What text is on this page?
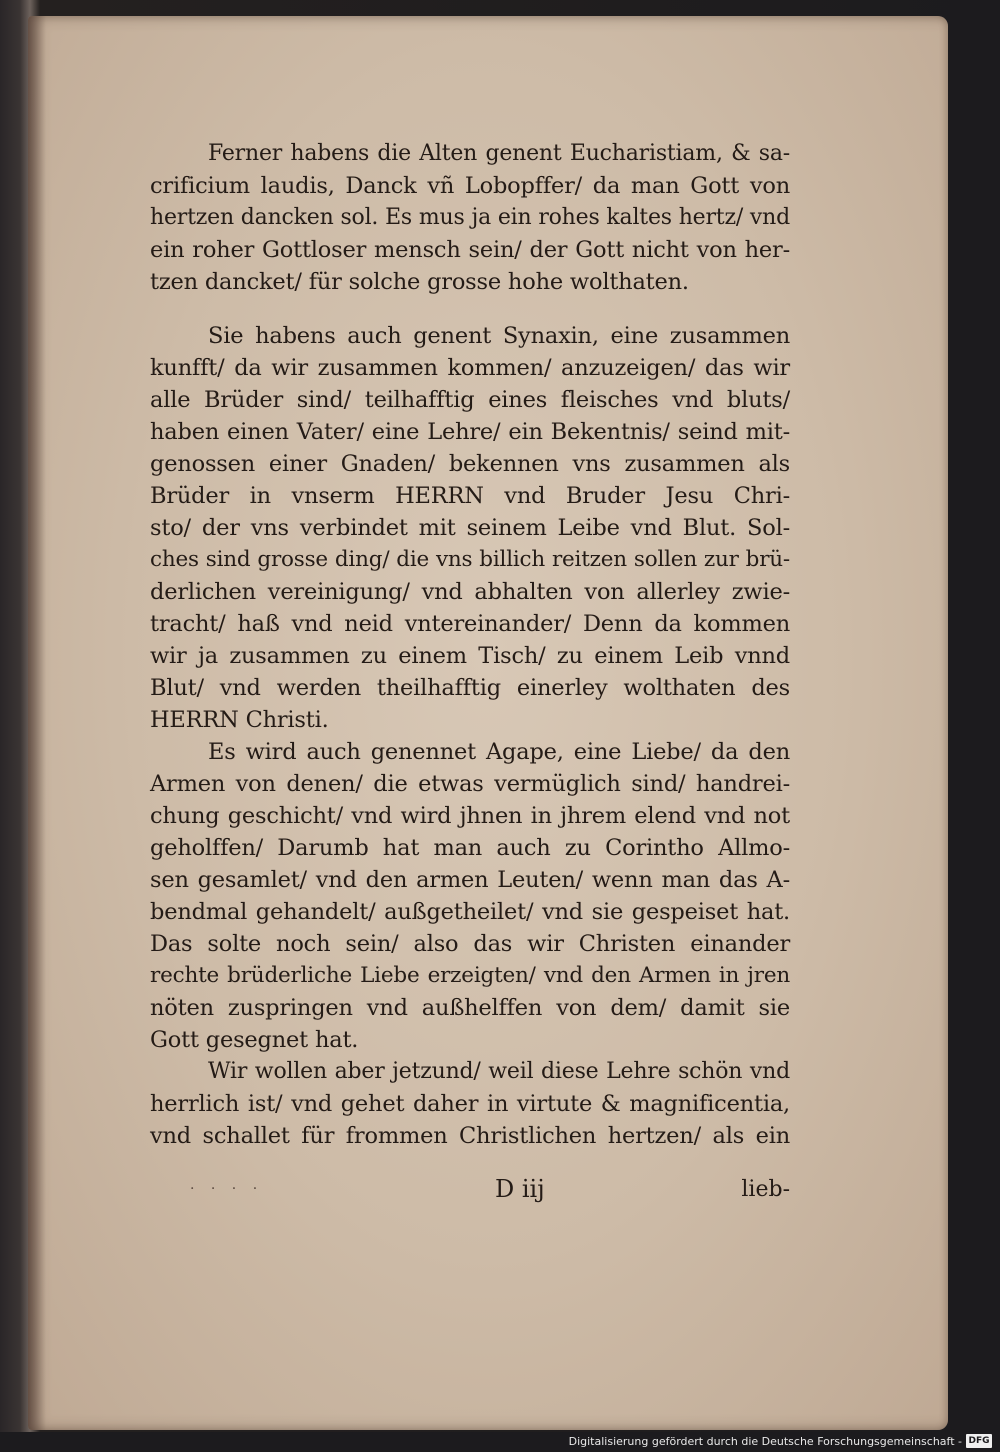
Ferner habens die Alten genent Eucharistiam, & sa-
crificium laudis, Danck vñ Lobopffer/ da man Gott von
hertzen dancken sol. Es mus ja ein rohes kaltes hertz/ vnd
ein roher Gottloser mensch sein/ der Gott nicht von her-
tzen dancket/ für solche grosse hohe wolthaten.
Sie habens auch genent Synaxin, eine zusammen
kunfft/ da wir zusammen kommen/ anzuzeigen/ das wir
alle Brüder sind/ teilhafftig eines fleisches vnd bluts/
haben einen Vater/ eine Lehre/ ein Bekentnis/ seind mit-
genossen einer Gnaden/ bekennen vns zusammen als
Brüder in vnserm HERRN vnd Bruder Jesu Chri-
sto/ der vns verbindet mit seinem Leibe vnd Blut. Sol-
ches sind grosse ding/ die vns billich reitzen sollen zur brü-
derlichen vereinigung/ vnd abhalten von allerley zwie-
tracht/ haß vnd neid vntereinander/ Denn da kommen
wir ja zusammen zu einem Tisch/ zu einem Leib vnnd
Blut/ vnd werden theilhafftig einerley wolthaten des
HERRN Christi.
Es wird auch genennet Agape, eine Liebe/ da den
Armen von denen/ die etwas vermüglich sind/ handrei-
chung geschicht/ vnd wird jhnen in jhrem elend vnd not
geholffen/ Darumb hat man auch zu Corintho Allmo-
sen gesamlet/ vnd den armen Leuten/ wenn man das A-
bendmal gehandelt/ außgetheilet/ vnd sie gespeiset hat.
Das solte noch sein/ also das wir Christen einander
rechte brüderliche Liebe erzeigten/ vnd den Armen in jren
nöten zuspringen vnd außhelffen von dem/ damit sie
Gott gesegnet hat.
Wir wollen aber jetzund/ weil diese Lehre schön vnd
herrlich ist/ vnd gehet daher in virtute & magnificentia,
vnd schallet für frommen Christlichen hertzen/ als ein
· · · ·	D iij	lieb-
Digitalisierung gefördert durch die Deutsche Forschungsgemeinschaft - DFG
